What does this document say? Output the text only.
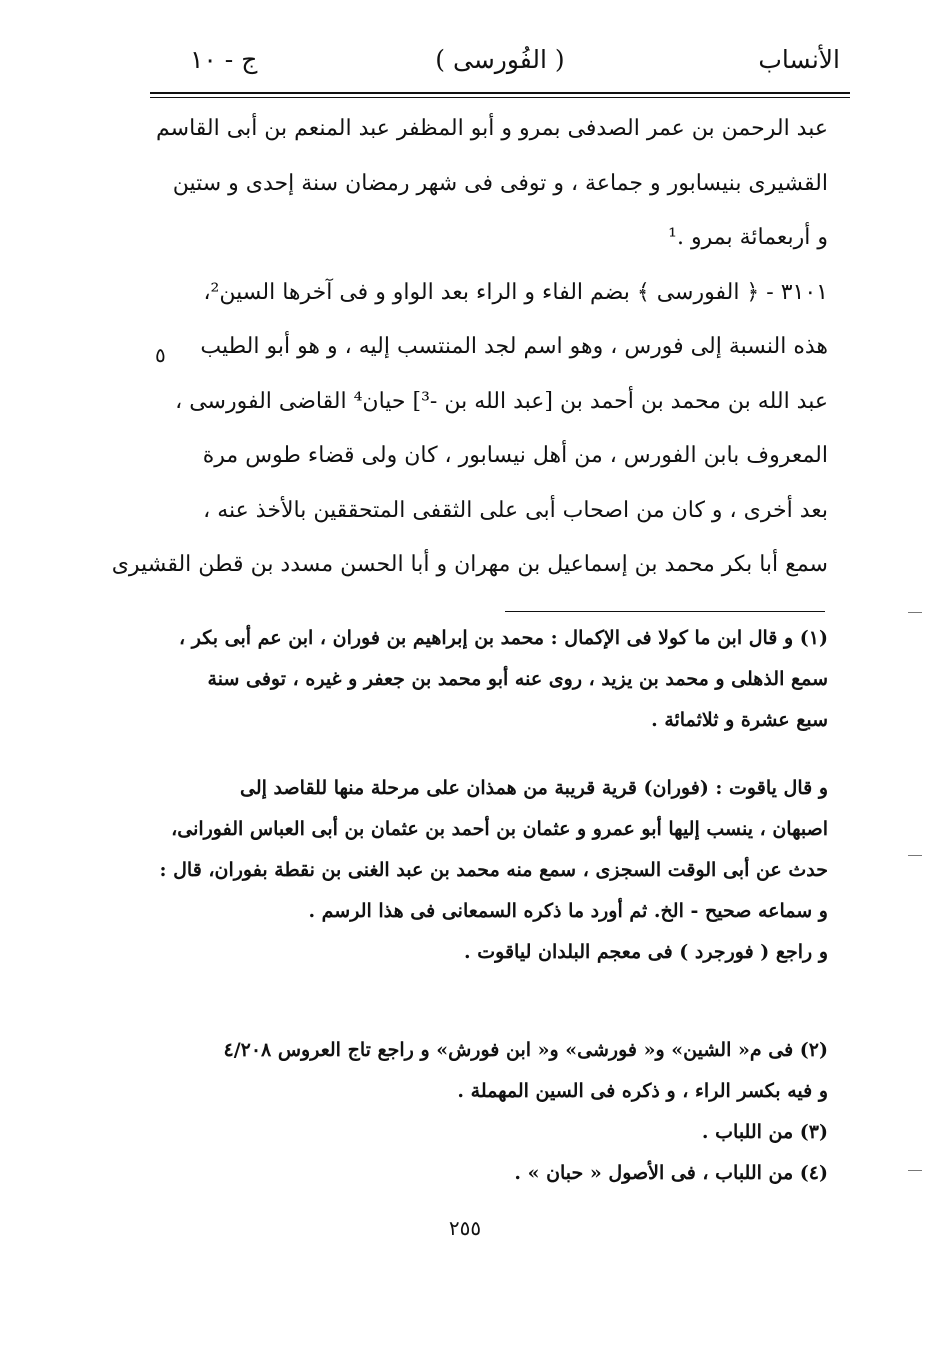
الأنساب
( الفُورسى )
ج - ١٠
عبد الرحمن بن عمر الصدفى بمرو و أبو المظفر عبد المنعم بن أبى القاسم
القشيرى بنيسابور و جماعة ، و توفى فى شهر رمضان سنة إحدى و ستين
و أربعمائة بمرو .¹
٣١٠١ - ﴿ الفورسى ﴾ بضم الفاء و الراء بعد الواو و فى آخرها السين²،
هذه النسبة إلى فورس ، وهو اسم لجد المنتسب إليه ، و هو أبو الطيب
عبد الله بن محمد بن أحمد بن [عبد الله بن -³] حيان⁴ القاضى الفورسى ،
المعروف بابن الفورس ، من أهل نيسابور ، كان ولى قضاء طوس مرة
بعد أخرى ، و كان من اصحاب أبى على الثقفى المتحققين بالأخذ عنه ،
سمع أبا بكر محمد بن إسماعيل بن مهران و أبا الحسن مسدد بن قطن القشيرى
٥
(١) و قال ابن ما كولا فى الإكمال : محمد بن إبراهيم بن فوران ، ابن عم أبى بكر ،
سمع الذهلى و محمد بن يزيد ، روى عنه أبو محمد بن جعفر و غيره ، توفى سنة
سبع عشرة و ثلاثمائة .
و قال ياقوت : (فوران) قرية قريبة من همذان على مرحلة منها للقاصد إلى
اصبهان ، ينسب إليها أبو عمرو و عثمان بن أحمد بن عثمان بن أبى العباس الفورانى،
حدث عن أبى الوقت السجزى ، سمع منه محمد بن عبد الغنى بن نقطة بفوران، قال :
و سماعه صحيح - الخ. ثم أورد ما ذكره السمعانى فى هذا الرسم .
و راجع ( فورجرد ) فى معجم البلدان لياقوت .
(٢) فى م« الشين» و« فورشى» و« ابن فورش» و راجع تاج العروس ٤/٢٠٨
و فيه بكسر الراء ، و ذكره فى السين المهملة .
(٣) من اللباب .
(٤) من اللباب ، فى الأصول « حبان » .
٢٥٥
